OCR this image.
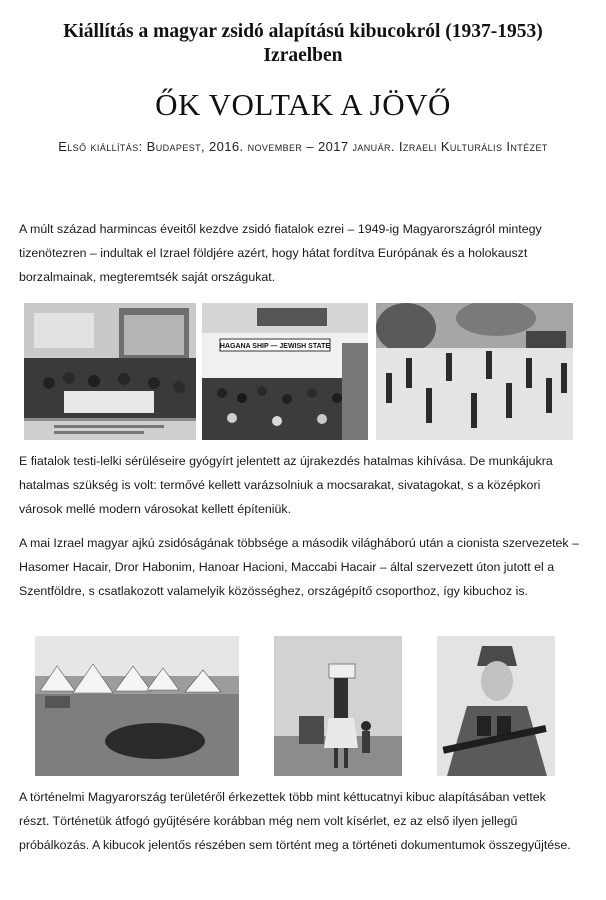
Kiállítás a magyar zsidó alapítású kibucokról (1937-1953)
Izraelben
ŐK VOLTAK A JÖVŐ
Első kiállítás: Budapest, 2016. november – 2017 január. Izraeli Kulturális Intézet
A múlt század harmincas éveitől kezdve zsidó fiatalok ezrei – 1949-ig Magyarországról mintegy tizenötezren – indultak el Izrael földjére azért, hogy hátat fordítva Európának és a holokauszt borzalmainak, megteremtsék saját országukat.
HAGANA SHIP — JEWISH STATE
E fiatalok testi-lelki sérüléseire gyógyírt jelentett az újrakezdés hatalmas kihívása. De munkájukra hatalmas szükség is volt: termővé kellett varázsolniuk a mocsarakat, sivatagokat, s a középkori városok mellé modern városokat kellett építeniük.
A mai Izrael magyar ajkú zsidóságának többsége a második világháború után a cionista szervezetek – Hasomer Hacair, Dror Habonim, Hanoar Hacioni, Maccabi Hacair – által szervezett úton jutott el a Szentföldre, s csatlakozott valamelyik közösséghez, országépítő csoporthoz, így kibuchoz is.
A történelmi Magyarország területéről érkezettek több mint kéttucatnyi kibuc alapításában vettek részt. Történetük átfogó gyűjtésére korábban még nem volt kísérlet, ez az első ilyen jellegű próbálkozás. A kibucok jelentős részében sem történt meg a történeti dokumentumok összegyűjtése.
